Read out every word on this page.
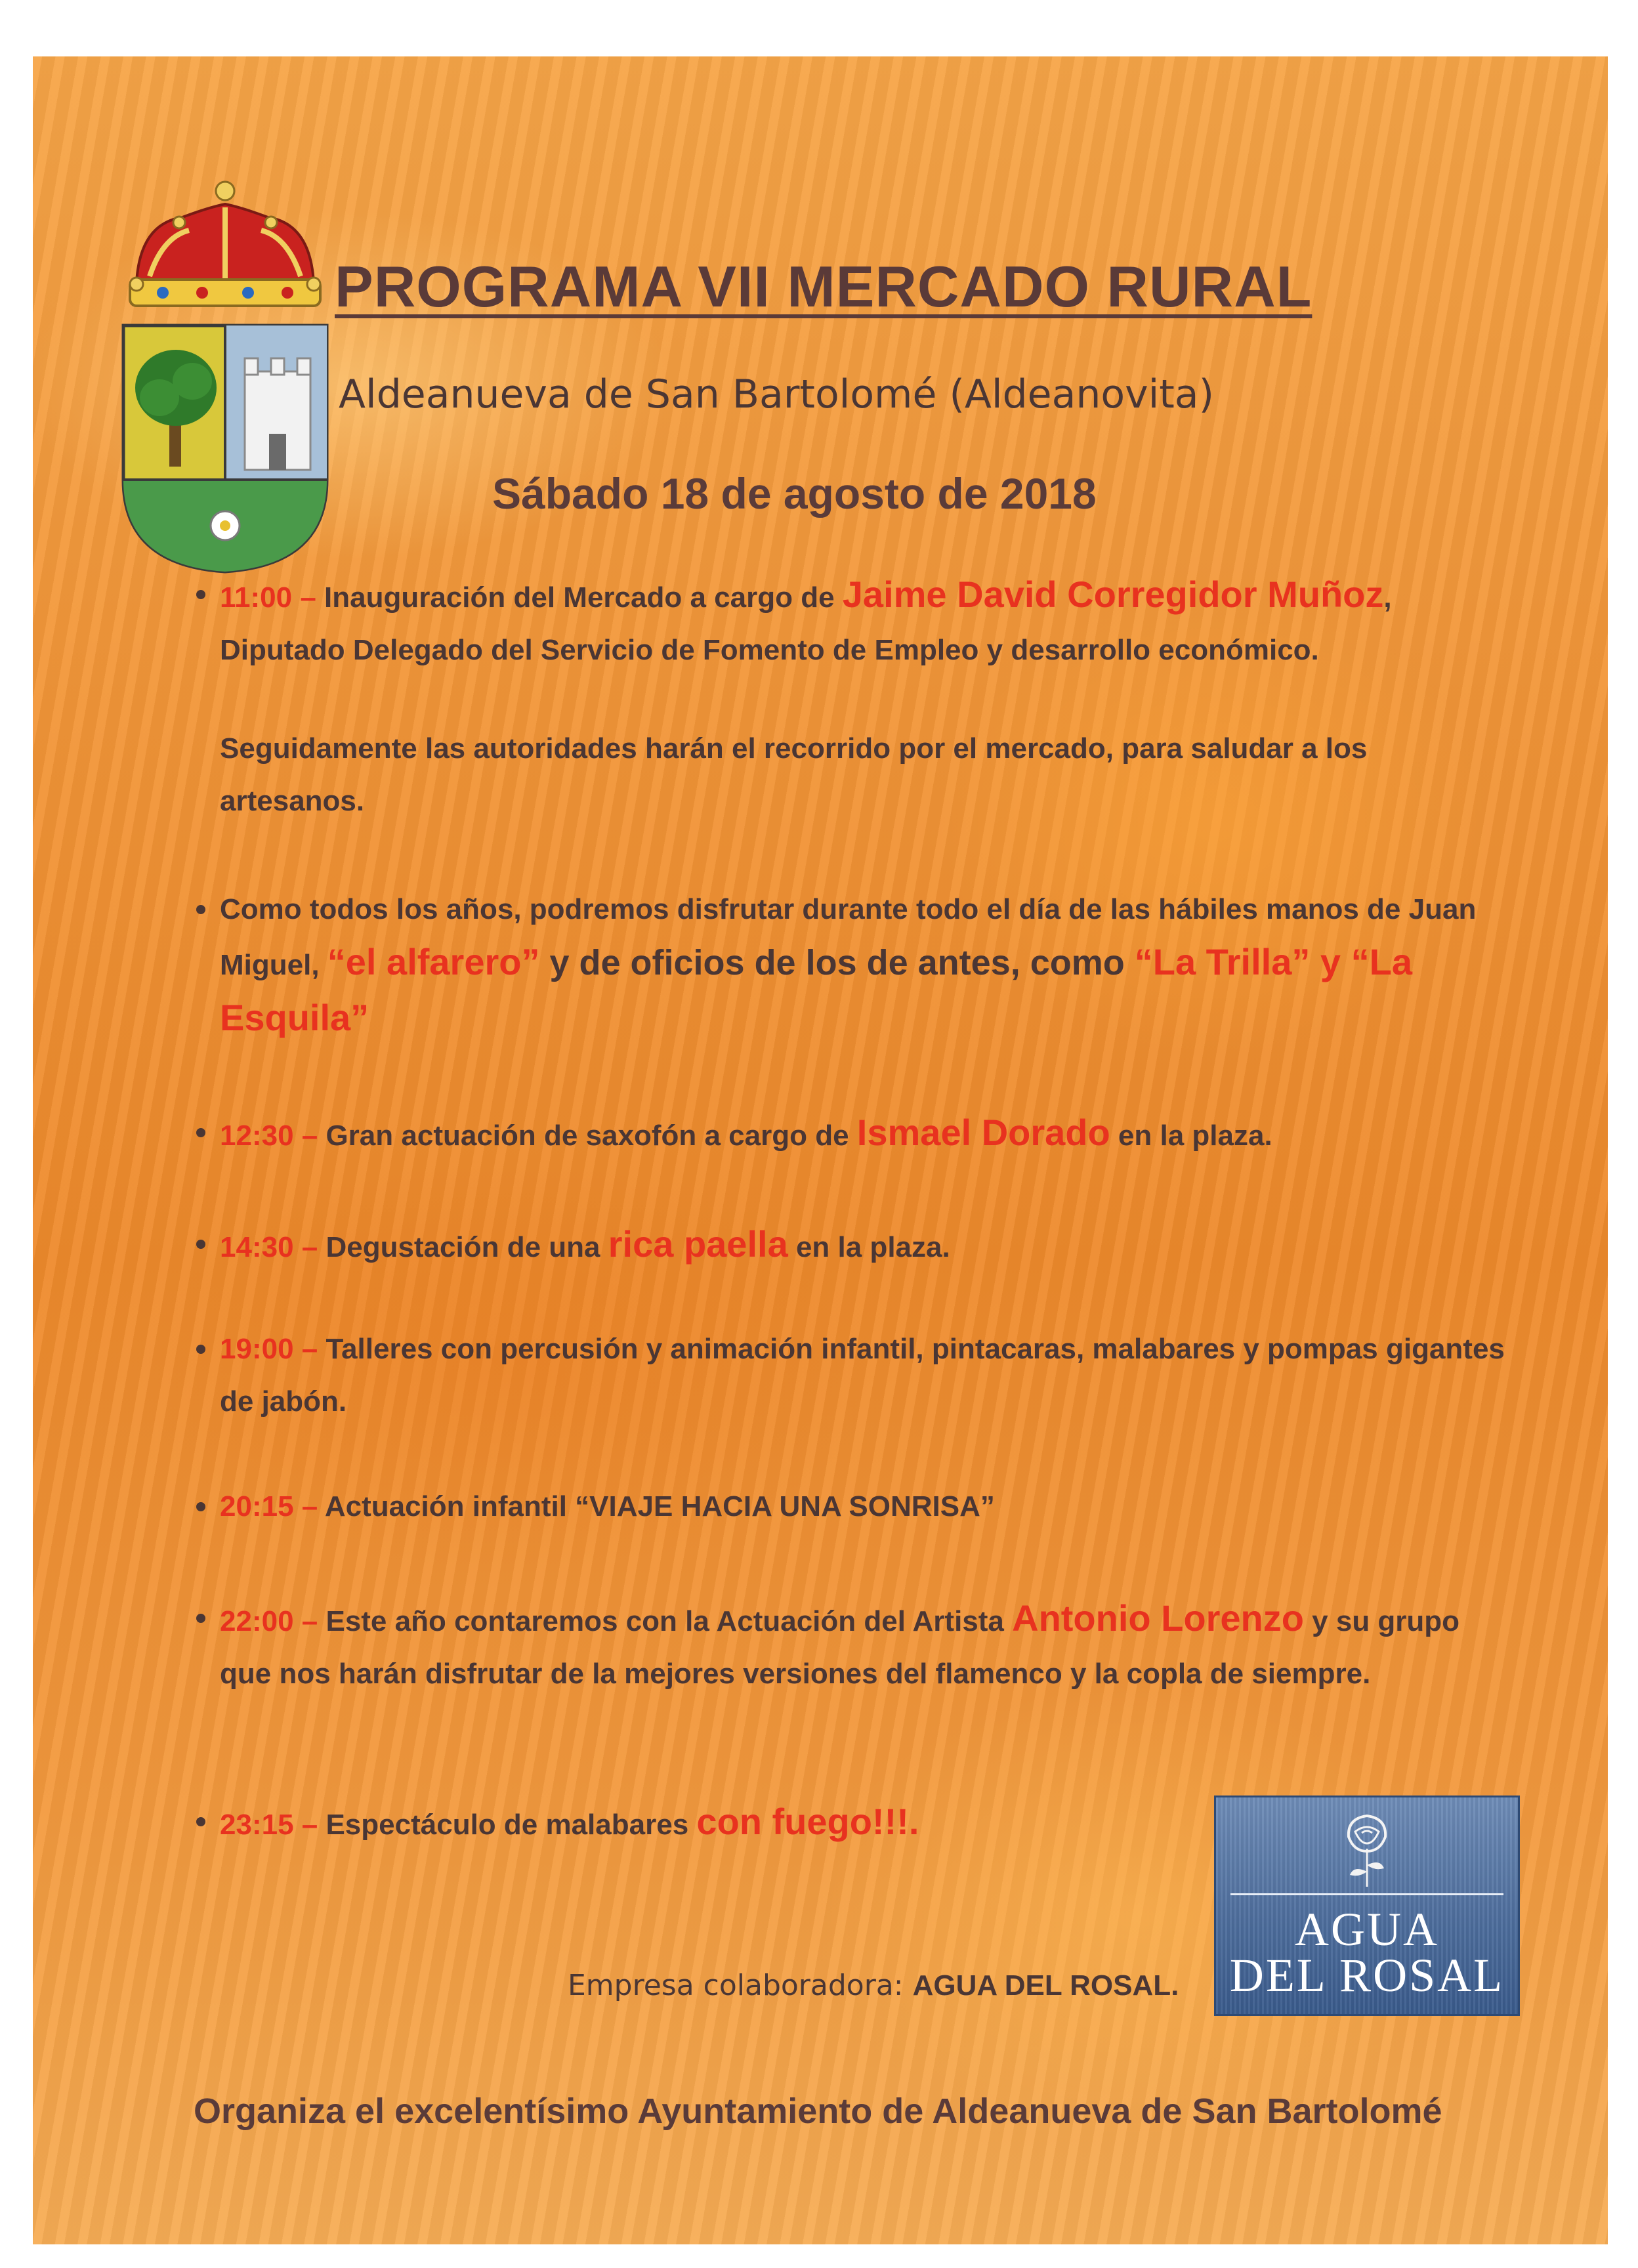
PROGRAMA VII MERCADO RURAL

Aldeanueva de San Bartolomé (Aldeanovita)

Sábado 18 de agosto de 2018

11:00 – Inauguración del Mercado a cargo de Jaime David Corregidor Muñoz, Diputado Delegado del Servicio de Fomento de Empleo y desarrollo económico.
Seguidamente las autoridades harán el recorrido por el mercado, para saludar a los artesanos.
Como todos los años, podremos disfrutar durante todo el día de las hábiles manos de Juan Miguel, “el alfarero” y de oficios de los de antes, como “La Trilla” y “La Esquila”
12:30 – Gran actuación de saxofón a cargo de Ismael Dorado en la plaza.
14:30 – Degustación de una rica paella en la plaza.
19:00 – Talleres con percusión y animación infantil, pintacaras, malabares y pompas gigantes de jabón.
20:15 – Actuación infantil “VIAJE HACIA UNA SONRISA”
22:00 – Este año contaremos con la Actuación del Artista Antonio Lorenzo y su grupo que nos harán disfrutar de la mejores versiones del flamenco y la copla de siempre.
23:15 – Espectáculo de malabares con fuego!!!.

Empresa colaboradora: AGUA DEL ROSAL.

AGUA
DEL ROSAL

Organiza el excelentísimo Ayuntamiento de Aldeanueva de San Bartolomé
